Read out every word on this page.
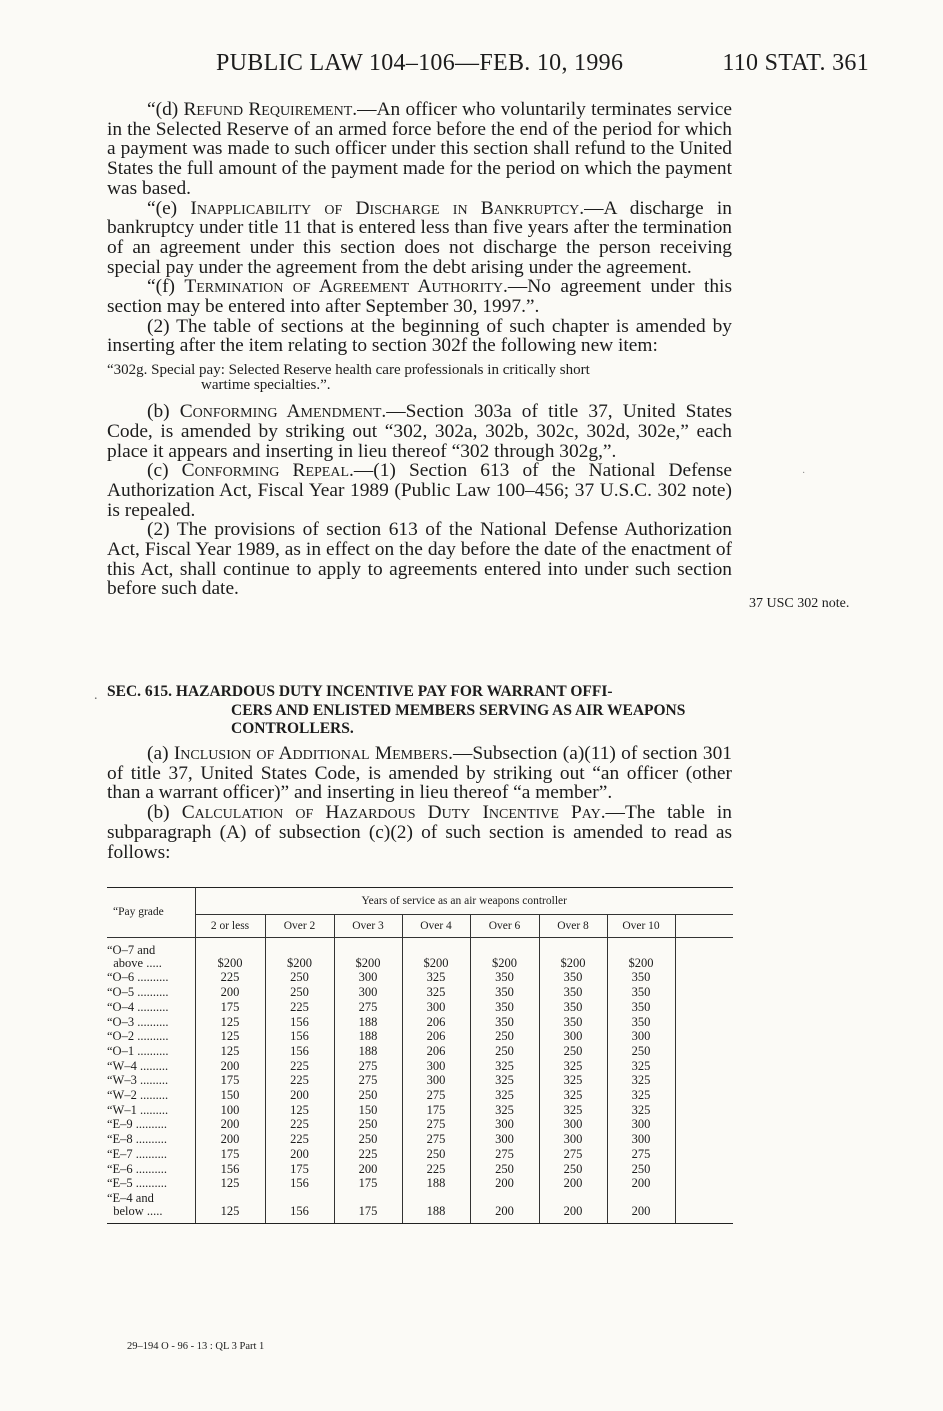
PUBLIC LAW 104–106—FEB. 10, 1996	110 STAT. 361

“(d) Refund Requirement.—An officer who voluntarily terminates service in the Selected Reserve of an armed force before the end of the period for which a payment was made to such officer under this section shall refund to the United States the full amount of the payment made for the period on which the payment was based.

“(e) Inapplicability of Discharge in Bankruptcy.—A discharge in bankruptcy under title 11 that is entered less than five years after the termination of an agreement under this section does not discharge the person receiving special pay under the agreement from the debt arising under the agreement.

“(f) Termination of Agreement Authority.—No agreement under this section may be entered into after September 30, 1997.”.

(2) The table of sections at the beginning of such chapter is amended by inserting after the item relating to section 302f the following new item:

“302g. Special pay: Selected Reserve health care professionals in critically short
wartime specialties.”.

(b) Conforming Amendment.—Section 303a of title 37, United States Code, is amended by striking out “302, 302a, 302b, 302c, 302d, 302e,” each place it appears and inserting in lieu thereof “302 through 302g,”.

(c) Conforming Repeal.—(1) Section 613 of the National Defense Authorization Act, Fiscal Year 1989 (Public Law 100–456; 37 U.S.C. 302 note) is repealed.

(2) The provisions of section 613 of the National Defense Authorization Act, Fiscal Year 1989, as in effect on the day before the date of the enactment of this Act, shall continue to apply to agreements entered into under such section before such date.

37 USC 302 note.
·
. SEC. 615. HAZARDOUS DUTY INCENTIVE PAY FOR WARRANT OFFI-
CERS AND ENLISTED MEMBERS SERVING AS AIR WEAPONS
CONTROLLERS.

(a) Inclusion of Additional Members.—Subsection (a)(11) of section 301 of title 37, United States Code, is amended by striking out “an officer (other than a warrant officer)” and inserting in lieu thereof “a member”.

(b) Calculation of Hazardous Duty Incentive Pay.—The table in subparagraph (A) of subsection (c)(2) of such section is amended to read as follows:

“Pay grade	Years of service as an air weapons controller							
	2 or less	Over 2	Over 3	Over 4	Over 6	Over 8	Over 10	
“O–7 and
above .....	$200	$200	$200	$200	$200	$200	$200	
“O–6 ..........	225	250	300	325	350	350	350	
“O–5 ..........	200	250	300	325	350	350	350	
“O–4 ..........	175	225	275	300	350	350	350	
“O–3 ..........	125	156	188	206	350	350	350	
“O–2 ..........	125	156	188	206	250	300	300	
“O–1 ..........	125	156	188	206	250	250	250	
“W–4 .........	200	225	275	300	325	325	325	
“W–3 .........	175	225	275	300	325	325	325	
“W–2 .........	150	200	250	275	325	325	325	
“W–1 .........	100	125	150	175	325	325	325	
“E–9 ..........	200	225	250	275	300	300	300	
“E–8 ..........	200	225	250	275	300	300	300	
“E–7 ..........	175	200	225	250	275	275	275	
“E–6 ..........	156	175	200	225	250	250	250	
“E–5 ..........	125	156	175	188	200	200	200	
“E–4 and
below .....	125	156	175	188	200	200	200	
29–194 O - 96 - 13 : QL 3 Part 1
